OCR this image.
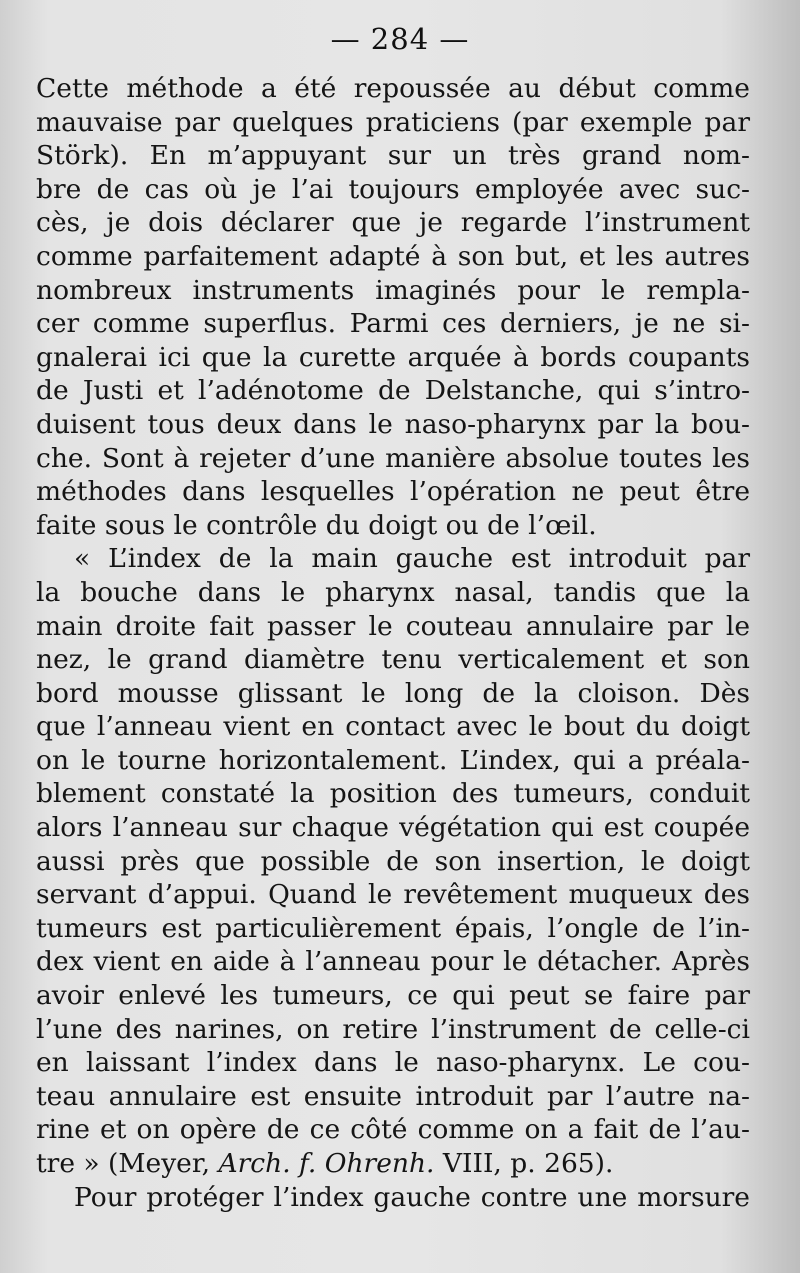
— 284 —
Cette méthode a été repoussée au début comme
mauvaise par quelques praticiens (par exemple par
Störk). En m’appuyant sur un très grand nom-
bre de cas où je l’ai toujours employée avec suc-
cès, je dois déclarer que je regarde l’instrument
comme parfaitement adapté à son but, et les autres
nombreux instruments imaginés pour le rempla-
cer comme superflus. Parmi ces derniers, je ne si-
gnalerai ici que la curette arquée à bords coupants
de Justi et l’adénotome de Delstanche, qui s’intro-
duisent tous deux dans le naso-pharynx par la bou-
che. Sont à rejeter d’une manière absolue toutes les
méthodes dans lesquelles l’opération ne peut être
faite sous le contrôle du doigt ou de l’œil.
« L’index de la main gauche est introduit par
la bouche dans le pharynx nasal, tandis que la
main droite fait passer le couteau annulaire par le
nez, le grand diamètre tenu verticalement et son
bord mousse glissant le long de la cloison. Dès
que l’anneau vient en contact avec le bout du doigt
on le tourne horizontalement. L’index, qui a préala-
blement constaté la position des tumeurs, conduit
alors l’anneau sur chaque végétation qui est coupée
aussi près que possible de son insertion, le doigt
servant d’appui. Quand le revêtement muqueux des
tumeurs est particulièrement épais, l’ongle de l’in-
dex vient en aide à l’anneau pour le détacher. Après
avoir enlevé les tumeurs, ce qui peut se faire par
l’une des narines, on retire l’instrument de celle-ci
en laissant l’index dans le naso-pharynx. Le cou-
teau annulaire est ensuite introduit par l’autre na-
rine et on opère de ce côté comme on a fait de l’au-
tre » (Meyer, Arch. f. Ohrenh. VIII, p. 265).
Pour protéger l’index gauche contre une morsure
